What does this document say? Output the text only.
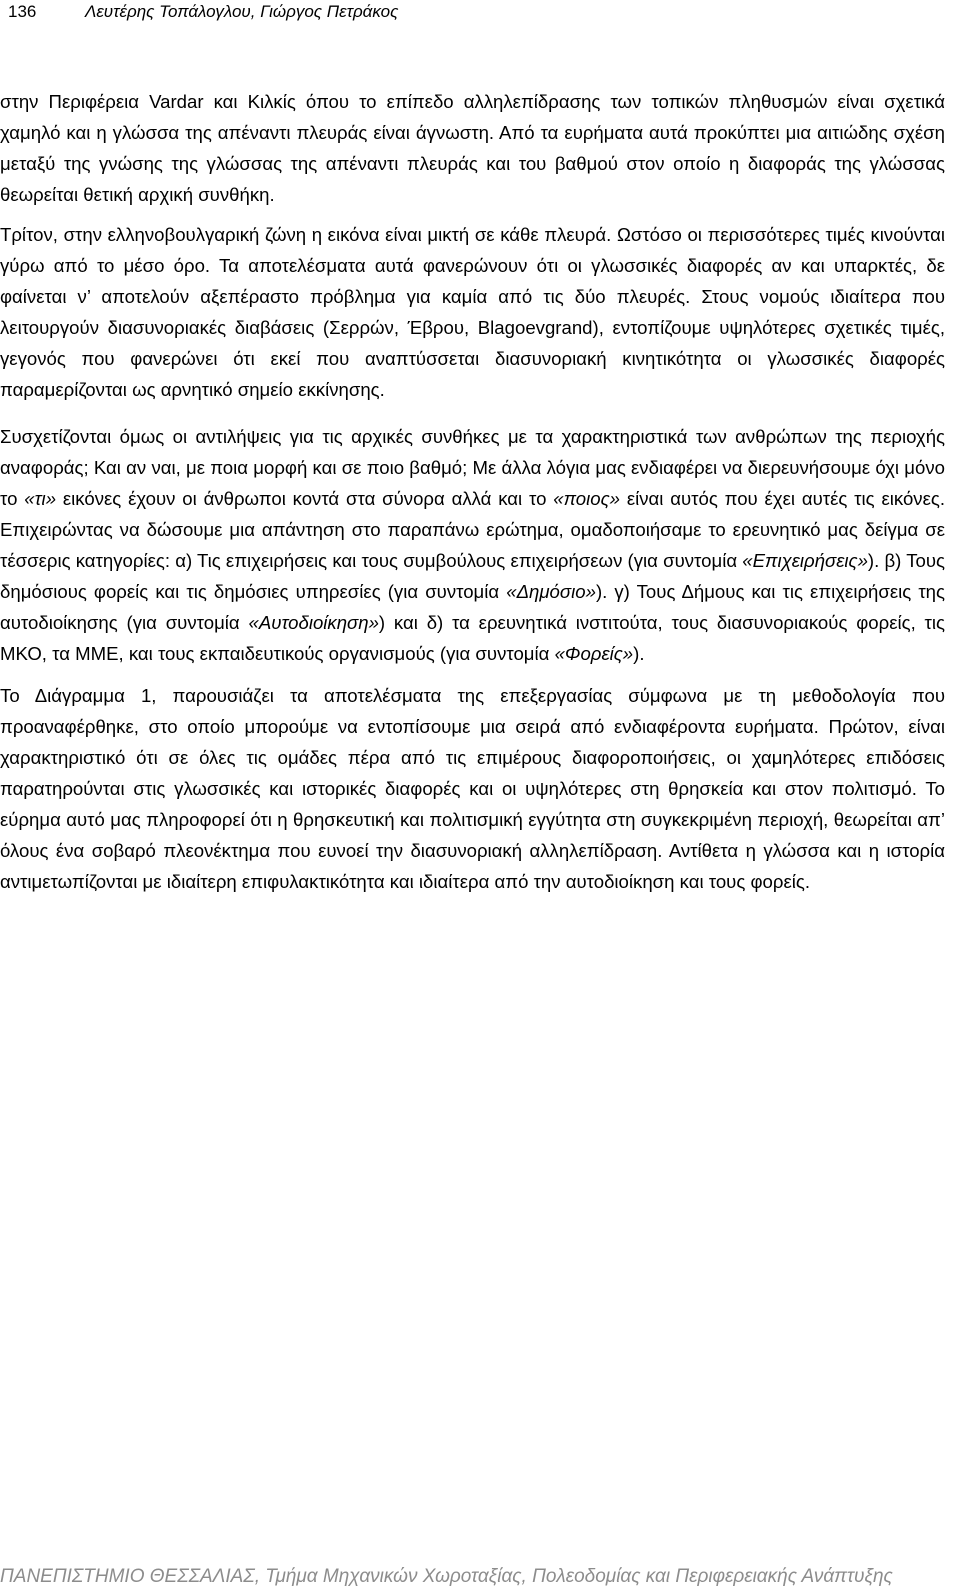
136	Λευτέρης Τοπάλογλου, Γιώργος Πετράκος

στην Περιφέρεια Vardar και Κιλκίς όπου το επίπεδο αλληλεπίδρασης των τοπικών πληθυσμών είναι σχετικά χαμηλό και η γλώσσα της απέναντι πλευράς είναι άγνωστη. Από τα ευρήματα αυτά προκύπτει μια αιτιώδης σχέση μεταξύ της γνώσης της γλώσσας της απέναντι πλευράς και του βαθμού στον οποίο η διαφοράς της γλώσσας θεωρείται θετική αρχική συνθήκη.

Τρίτον, στην ελληνοβουλγαρική ζώνη η εικόνα είναι μικτή σε κάθε πλευρά. Ωστόσο οι περισσότερες τιμές κινούνται γύρω από το μέσο όρο. Τα αποτελέσματα αυτά φανερώνουν ότι οι γλωσσικές διαφορές αν και υπαρκτές, δε φαίνεται ν’ αποτελούν αξεπέραστο πρόβλημα για καμία από τις δύο πλευρές. Στους νομούς ιδιαίτερα που λειτουργούν διασυνοριακές διαβάσεις (Σερρών, Έβρου, Blagoevgrand), εντοπίζουμε υψηλότερες σχετικές τιμές, γεγονός που φανερώνει ότι εκεί που αναπτύσσεται διασυνοριακή κινητικότητα οι γλωσσικές διαφορές παραμερίζονται ως αρνητικό σημείο εκκίνησης.

Συσχετίζονται όμως οι αντιλήψεις για τις αρχικές συνθήκες με τα χαρακτηριστικά των ανθρώπων της περιοχής αναφοράς; Και αν ναι, με ποια μορφή και σε ποιο βαθμό; Με άλλα λόγια μας ενδιαφέρει να διερευνήσουμε όχι μόνο το «τι» εικόνες έχουν οι άνθρωποι κοντά στα σύνορα αλλά και το «ποιος» είναι αυτός που έχει αυτές τις εικόνες. Επιχειρώντας να δώσουμε μια απάντηση στο παραπάνω ερώτημα, ομαδοποιήσαμε το ερευνητικό μας δείγμα σε τέσσερις κατηγορίες: α) Τις επιχειρήσεις και τους συμβούλους επιχειρήσεων (για συντομία «Επιχειρήσεις»). β) Τους δημόσιους φορείς και τις δημόσιες υπηρεσίες (για συντομία «Δημόσιο»). γ) Τους Δήμους και τις επιχειρήσεις της αυτοδιοίκησης (για συντομία «Αυτοδιοίκηση») και δ) τα ερευνητικά ινστιτούτα, τους διασυνοριακούς φορείς, τις ΜΚΟ, τα ΜΜΕ, και τους εκπαιδευτικούς οργανισμούς (για συντομία «Φορείς»).

Το Διάγραμμα 1, παρουσιάζει τα αποτελέσματα της επεξεργασίας σύμφωνα με τη μεθοδολογία που προαναφέρθηκε, στο οποίο μπορούμε να εντοπίσουμε μια σειρά από ενδιαφέροντα ευρήματα. Πρώτον, είναι χαρακτηριστικό ότι σε όλες τις ομάδες πέρα από τις επιμέρους διαφοροποιήσεις, οι χαμηλότερες επιδόσεις παρατηρούνται στις γλωσσικές και ιστορικές διαφορές και οι υψηλότερες στη θρησκεία και στον πολιτισμό. Το εύρημα αυτό μας πληροφορεί ότι η θρησκευτική και πολιτισμική εγγύτητα στη συγκεκριμένη περιοχή, θεωρείται απ’ όλους ένα σοβαρό πλεονέκτημα που ευνοεί την διασυνοριακή αλληλεπίδραση. Αντίθετα η γλώσσα και η ιστορία αντιμετωπίζονται με ιδιαίτερη επιφυλακτικότητα και ιδιαίτερα από την αυτοδιοίκηση και τους φορείς.

ΠΑΝΕΠΙΣΤΗΜΙΟ ΘΕΣΣΑΛΙΑΣ, Τμήμα Μηχανικών Χωροταξίας, Πολεοδομίας και Περιφερειακής Ανάπτυξης
